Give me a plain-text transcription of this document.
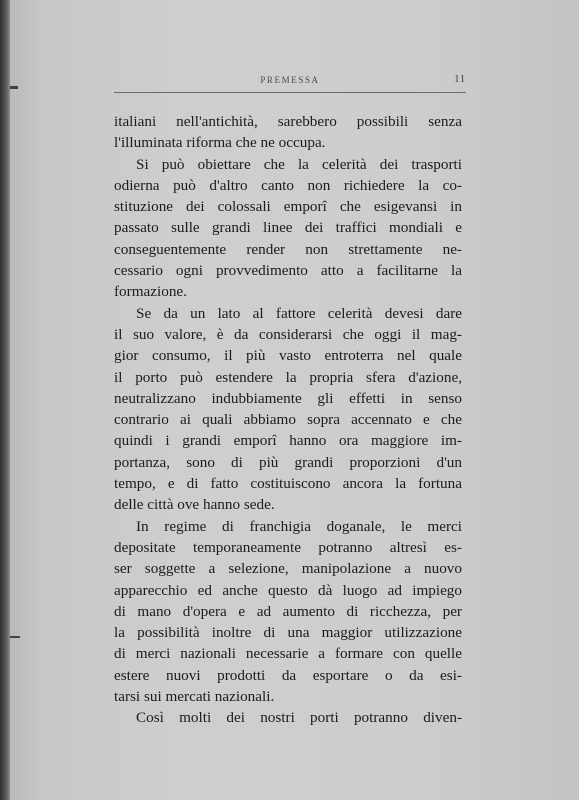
PREMESSA	11
italiani nell'antichità, sarebbero possibili senza
l'illuminata riforma che ne occupa.
Si può obiettare che la celerità dei trasporti
odierna può d'altro canto non richiedere la co-
stituzione dei colossali emporî che esigevansi in
passato sulle grandi linee dei traffici mondiali e
conseguentemente render non strettamente ne-
cessario ogni provvedimento atto a facilitarne la
formazione.
Se da un lato al fattore celerità devesi dare
il suo valore, è da considerarsi che oggi il mag-
gior consumo, il più vasto entroterra nel quale
il porto può estendere la propria sfera d'azione,
neutralizzano indubbiamente gli effetti in senso
contrario ai quali abbiamo sopra accennato e che
quindi i grandi emporî hanno ora maggiore im-
portanza, sono di più grandi proporzioni d'un
tempo, e di fatto costituiscono ancora la fortuna
delle città ove hanno sede.
In regime di franchigia doganale, le merci
depositate temporaneamente potranno altresì es-
ser soggette a selezione, manipolazione a nuovo
apparecchio ed anche questo dà luogo ad impiego
di mano d'opera e ad aumento di ricchezza, per
la possibilità inoltre di una maggior utilizzazione
di merci nazionali necessarie a formare con quelle
estere nuovi prodotti da esportare o da esi-
tarsi sui mercati nazionali.
Così molti dei nostri porti potranno diven-
